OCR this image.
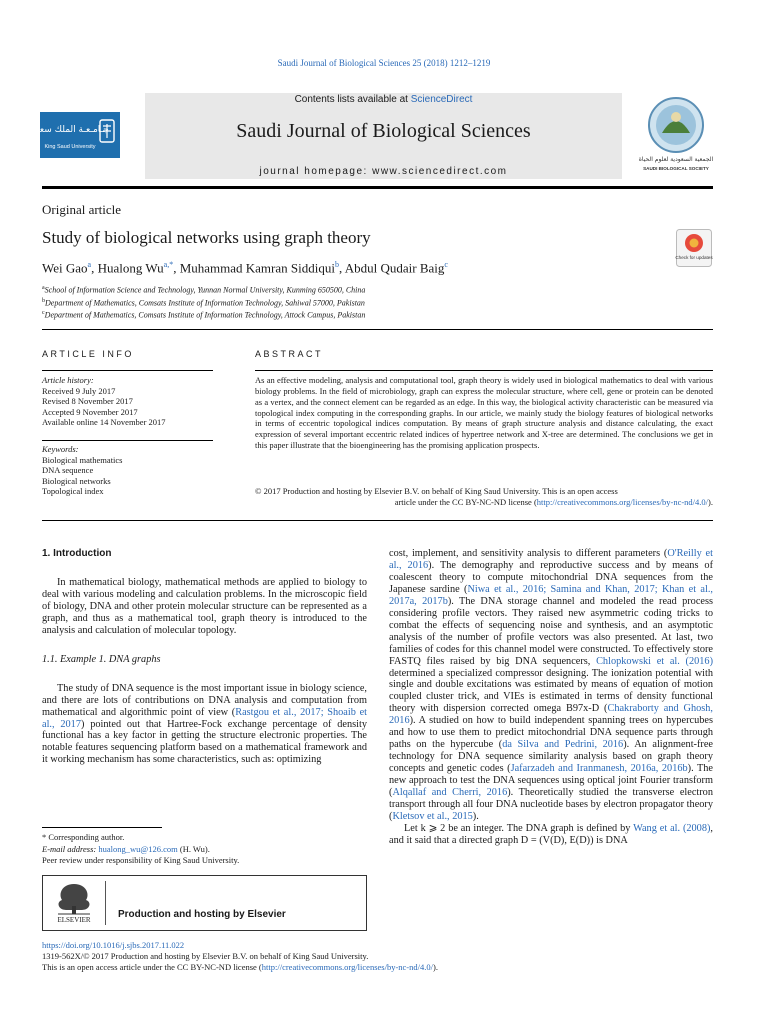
Saudi Journal of Biological Sciences 25 (2018) 1212–1219
Contents lists available at ScienceDirect
Saudi Journal of Biological Sciences
journal homepage: www.sciencedirect.com
جـامـعـة الملك سعود
King Saud University
الجمعية السعودية لعلوم الحياة
SAUDI BIOLOGICAL SOCIETY
Original article
Study of biological networks using graph theory
Check for updates
Wei Gao$^a$, Hualong $Wu^{a,*}$, Muhammad Kamran Siddiqui$^b$, Abdul Qudair Baig$^c$
$^a$School of Information Science and Technology, Yunnan Normal University, Kunming 650500, China
$^b$Department of Mathematics, Comsats Institute of Information Technology, Sahiwal 57000, Pakistan
$^c$Department of Mathematics, Comsats Institute of Information Technology, Attock Campus, Pakistan
ARTICLE INFO	ABSTRACT
Article history:
Received 9 July 2017
Revised 8 November 2017
Accepted 9 November 2017
Available online 14 November 2017
Keywords:
Biological mathematics
DNA sequence
Biological networks
Topological index
As an effective modeling, analysis and computational tool, graph theory is widely used in biological mathematics to deal with various biology problems. In the field of microbiology, graph can express the molecular structure, where cell, gene or protein can be denoted as a vertex, and the connect element can be regarded as an edge. In this way, the biological activity characteristic can be measured via topological index computing in the corresponding graphs. In our article, we mainly study the biology features of biological networks in terms of eccentric topological indices computation. By means of graph structure analysis and distance calculating, the exact expression of several important eccentric related indices of hypertree network and X-tree are determined. The conclusions we get in this paper illustrate that the bioengineering has the promising application prospects.
© 2017 Production and hosting by Elsevier B.V. on behalf of King Saud University. This is an open access
article under the CC BY-NC-ND license (http://creativecommons.org/licenses/by-nc-nd/4.0/).
1. Introduction

In mathematical biology, mathematical methods are applied to biology to deal with various modeling and calculation problems. In the microscopic field of biology, DNA and other protein molecular structure can be represented as a graph, and thus as a mathematical tool, graph theory is introduced to the analysis and calculation of molecular topology.

1.1. Example 1. DNA graphs

The study of DNA sequence is the most important issue in biology science, and there are lots of contributions on DNA analysis and computation from mathematical and algorithmic point of view (Rastgou et al., 2017; Shoaib et al., 2017) pointed out that Hartree-Fock exchange percentage of density functional has a key factor in getting the structure electronic properties. The notable features sequencing platform based on a mathematical framework and it working mechanism has some characteristics, such as: optimizing

cost, implement, and sensitivity analysis to different parameters (O'Reilly et al., 2016). The demography and reproductive success and by means of coalescent theory to compute mitochondrial DNA sequences from the Japanese sardine (Niwa et al., 2016; Samina and Khan, 2017; Khan et al., 2017a, 2017b). The DNA storage channel and modeled the read process considering profile vectors. They raised new asymmetric coding tricks to combat the effects of sequencing noise and synthesis, and an asymptotic analysis of the number of profile vectors was also presented. At last, two families of codes for this channel model were constructed. To effectively store FASTQ files raised by big DNA sequencers, Chlopkowski et al. (2016) determined a specialized compressor designing. The ionization potential with single and double excitations was estimated by means of equation of motion coupled cluster trick, and VIEs is estimated in terms of density functional theory with dispersion corrected omega B97x-D (Chakraborty and Ghosh, 2016). A studied on how to build independent spanning trees on hypercubes and how to use them to predict mitochondrial DNA sequence parts through paths on the hypercube (da Silva and Pedrini, 2016). An alignment-free technology for DNA sequence similarity analysis based on graph theory concepts and genetic codes (Jafarzadeh and Iranmanesh, 2016a, 2016b). The new approach to test the DNA sequences using optical joint Fourier transform (Alqallaf and Cherri, 2016). Theoretically studied the transverse electron transport through all four DNA nucleotide bases by electron propagator theory (Kletsov et al., 2015).

Let k ⩾ 2 be an integer. The DNA graph is defined by Wang et al. (2008), and it said that a directed graph D = (V(D), E(D)) is DNA

* Corresponding author.
E-mail address: hualong_wu@126.com (H. Wu).
Peer review under responsibility of King Saud University.
ELSEVIER	Production and hosting by Elsevier
https://doi.org/10.1016/j.sjbs.2017.11.022
1319-562X/© 2017 Production and hosting by Elsevier B.V. on behalf of King Saud University.
This is an open access article under the CC BY-NC-ND license (http://creativecommons.org/licenses/by-nc-nd/4.0/).
